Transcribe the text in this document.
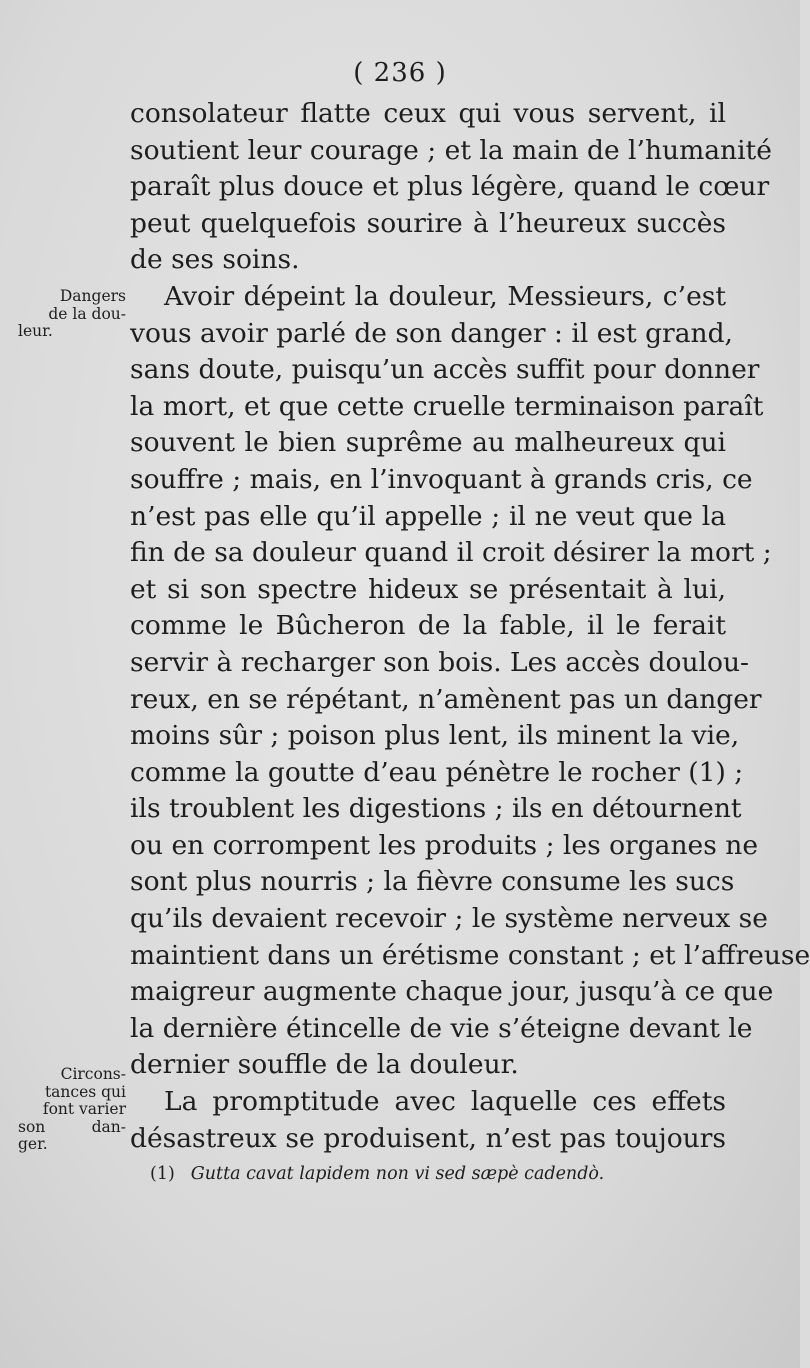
( 236 )
consolateur flatte ceux qui vous servent, il
soutient leur courage ; et la main de l’humanité
paraît plus douce et plus légère, quand le cœur
peut quelquefois sourire à l’heureux succès
de ses soins.
Avoir dépeint la douleur, Messieurs, c’est
vous avoir parlé de son danger : il est grand,
sans doute, puisqu’un accès suffit pour donner
la mort, et que cette cruelle terminaison paraît
souvent le bien suprême au malheureux qui
souffre ; mais, en l’invoquant à grands cris, ce
n’est pas elle qu’il appelle ; il ne veut que la
fin de sa douleur quand il croit désirer la mort ;
et si son spectre hideux se présentait à lui,
comme le Bûcheron de la fable, il le ferait
servir à recharger son bois. Les accès doulou-
reux, en se répétant, n’amènent pas un danger
moins sûr ; poison plus lent, ils minent la vie,
comme la goutte d’eau pénètre le rocher (1) ;
ils troublent les digestions ; ils en détournent
ou en corrompent les produits ; les organes ne
sont plus nourris ; la fièvre consume les sucs
qu’ils devaient recevoir ; le système nerveux se
maintient dans un érétisme constant ; et l’affreuse
maigreur augmente chaque jour, jusqu’à ce que
la dernière étincelle de vie s’éteigne devant le
dernier souffle de la douleur.
La promptitude avec laquelle ces effets
désastreux se produisent, n’est pas toujours
Dangers
de la dou-
leur.
Circons-
tances qui
font varier
son dan-
ger.
(1) Gutta cavat lapidem non vi sed sæpè cadendò.
